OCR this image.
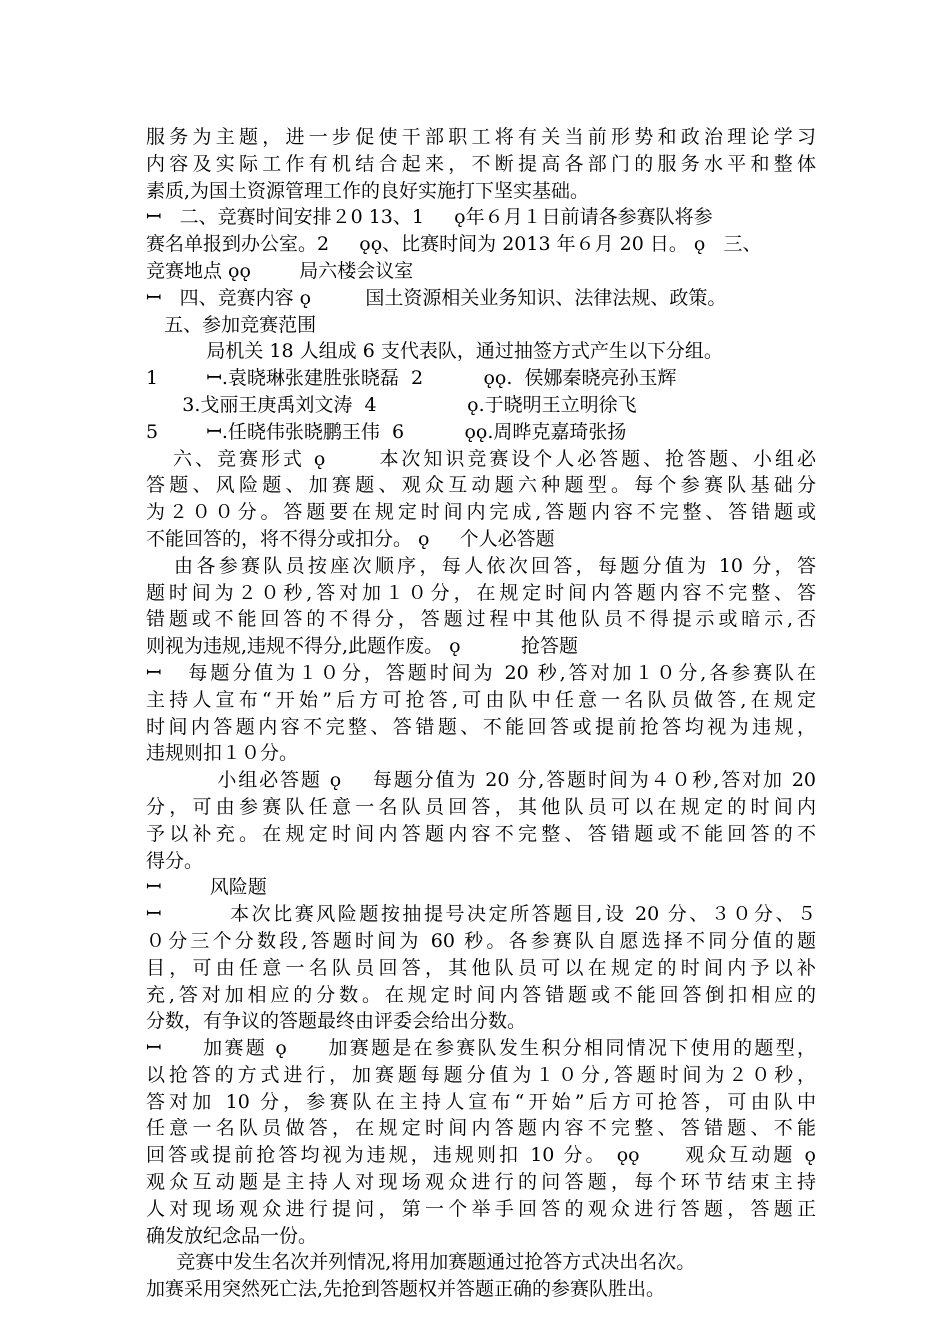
服务为主题，进一步促使干部职工将有关当前形势和政治理论学习
内容及实际工作有机结合起来，不断提高各部门的服务水平和整体
素质,为国土资源管理工作的良好实施打下坚实基础。
ꟷ   二、竞赛时间安排２0 13、1     ǫ年６月１日前请各参赛队将参
赛名单报到办公室。2     ǫǫ、比赛时间为 2013 年６月 20 日。 ǫ   三、
竞赛地点 ǫǫ        局六楼会议室
ꟷ   四、竞赛内容 ǫ         国土资源相关业务知识、法律法规、政策。
五、参加竞赛范围
局机关 18 人组成 6 支代表队，通过抽签方式产生以下分组。
1        ꟷ.袁晓琳张建胜张晓磊  2          ǫǫ.  侯娜秦晓亮孙玉辉
3.戈丽王庚禹刘文涛  4               ǫ.于晓明王立明徐飞
5        ꟷ.任晓伟张晓鹏王伟  6          ǫǫ.周晔克嘉琦张扬
六、竞赛形式 ǫ      本次知识竞赛设个人必答题、抢答题、小组必
答题、风险题、加赛题、观众互动题六种题型。每个参赛队基础分
为２００分。答题要在规定时间内完成,答题内容不完整、答错题或
不能回答的，将不得分或扣分。 ǫ     个人必答题
由各参赛队员按座次顺序，每人依次回答，每题分值为 10 分，答
题时间为２０秒,答对加１０分，在规定时间内答题内容不完整、答
错题或不能回答的不得分，答题过程中其他队员不得提示或暗示,否
则视为违规,违规不得分,此题作废。 ǫ          抢答题
ꟷ   每题分值为１０分，答题时间为 20 秒,答对加１０分,各参赛队在
主持人宣布“开始”后方可抢答,可由队中任意一名队员做答,在规定
时间内答题内容不完整、答错题、不能回答或提前抢答均视为违规，
违规则扣１０分。
小组必答题 ǫ    每题分值为 20 分,答题时间为４０秒,答对加 20
分，可由参赛队任意一名队员回答，其他队员可以在规定的时间内
予以补充。在规定时间内答题内容不完整、答错题或不能回答的不
得分。
ꟷ        风险题
ꟷ        本次比赛风险题按抽提号决定所答题目,设 20 分、３０分、５
０分三个分数段,答题时间为 60 秒。各参赛队自愿选择不同分值的题
目，可由任意一名队员回答，其他队员可以在规定的时间内予以补
充,答对加相应的分数。在规定时间内答错题或不能回答倒扣相应的
分数，有争议的答题最终由评委会给出分数。
ꟷ     加赛题 ǫ     加赛题是在参赛队发生积分相同情况下使用的题型，
以抢答的方式进行，加赛题每题分值为１０分,答题时间为２０秒，
答对加 10 分，参赛队在主持人宣布“开始”后方可抢答，可由队中
任意一名队员做答，在规定时间内答题内容不完整、答错题、不能
回答或提前抢答均视为违规，违规则扣 10 分。 ǫǫ     观众互动题 ǫ
观众互动题是主持人对现场观众进行的问答题，每个环节结束主持
人对现场观众进行提问，第一个举手回答的观众进行答题，答题正
确发放纪念品一份。
竞赛中发生名次并列情况,将用加赛题通过抢答方式决出名次。
加赛采用突然死亡法,先抢到答题权并答题正确的参赛队胜出。
